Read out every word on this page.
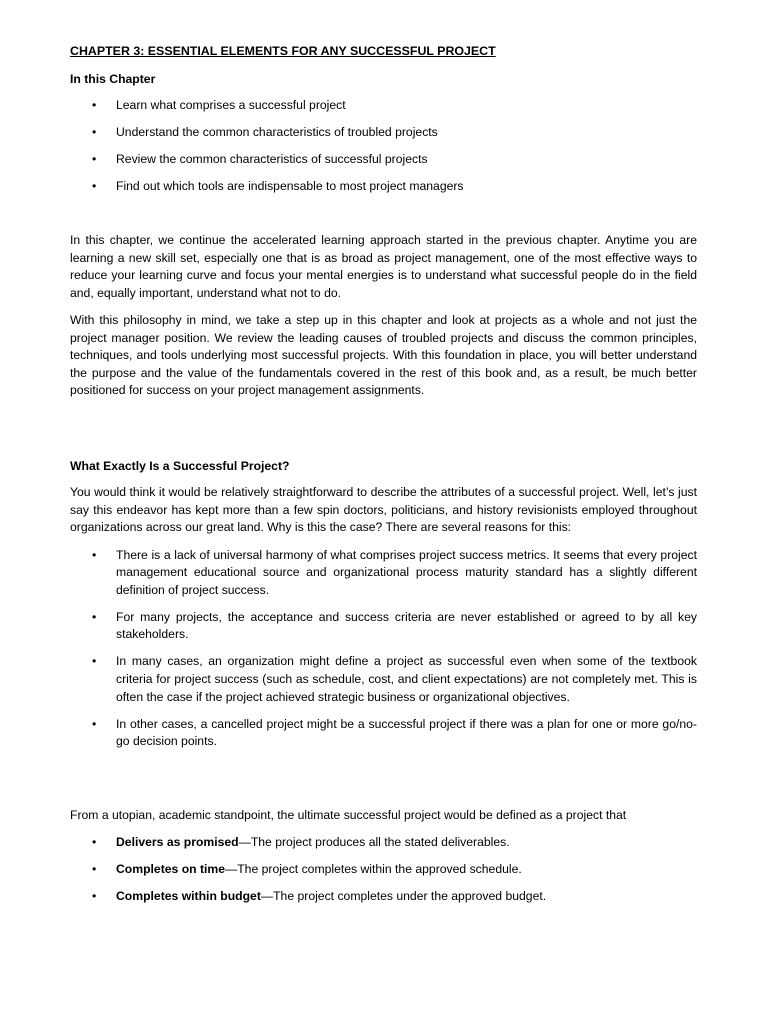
CHAPTER 3: ESSENTIAL ELEMENTS FOR ANY SUCCESSFUL PROJECT
In this Chapter
• Learn what comprises a successful project
• Understand the common characteristics of troubled projects
• Review the common characteristics of successful projects
• Find out which tools are indispensable to most project managers

In this chapter, we continue the accelerated learning approach started in the previous chapter. Anytime you are learning a new skill set, especially one that is as broad as project management, one of the most effective ways to reduce your learning curve and focus your mental energies is to understand what successful people do in the field and, equally important, understand what not to do.

With this philosophy in mind, we take a step up in this chapter and look at projects as a whole and not just the project manager position. We review the leading causes of troubled projects and discuss the common principles, techniques, and tools underlying most successful projects. With this foundation in place, you will better understand the purpose and the value of the fundamentals covered in the rest of this book and, as a result, be much better positioned for success on your project management assignments.

What Exactly Is a Successful Project?

You would think it would be relatively straightforward to describe the attributes of a successful project. Well, let’s just say this endeavor has kept more than a few spin doctors, politicians, and history revisionists employed throughout organizations across our great land. Why is this the case? There are several reasons for this:

• There is a lack of universal harmony of what comprises project success metrics. It seems that every project management educational source and organizational process maturity standard has a slightly different definition of project success.
• For many projects, the acceptance and success criteria are never established or agreed to by all key stakeholders.
• In many cases, an organization might define a project as successful even when some of the textbook criteria for project success (such as schedule, cost, and client expectations) are not completely met. This is often the case if the project achieved strategic business or organizational objectives.
• In other cases, a cancelled project might be a successful project if there was a plan for one or more go/no-go decision points.

From a utopian, academic standpoint, the ultimate successful project would be defined as a project that

• Delivers as promised—The project produces all the stated deliverables.
• Completes on time—The project completes within the approved schedule.
• Completes within budget—The project completes under the approved budget.
